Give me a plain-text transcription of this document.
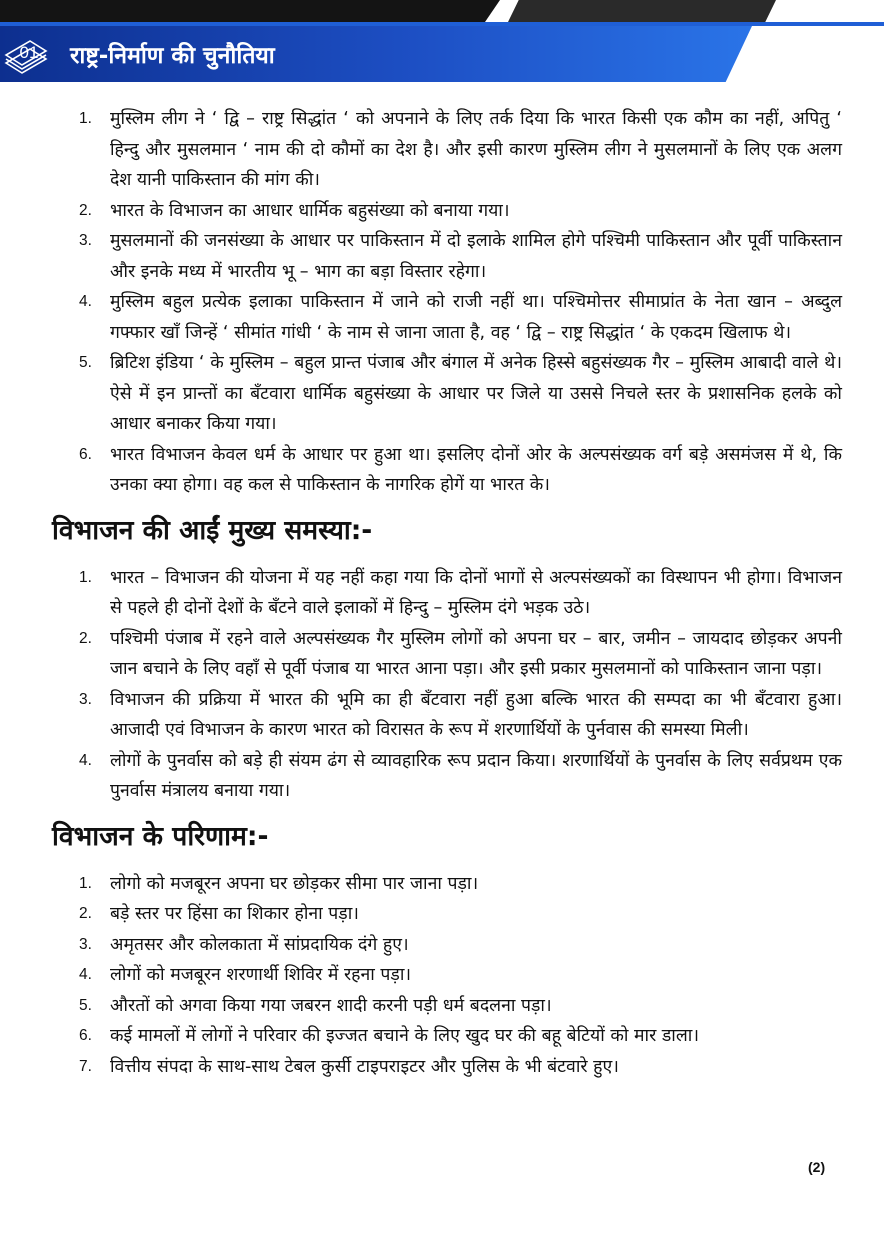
01	राष्ट्र-निर्माण की चुनौतिया
1. मुस्लिम लीग ने ‘ द्वि – राष्ट्र सिद्धांत ‘ को अपनाने के लिए तर्क दिया कि भारत किसी एक कौम का नहीं, अपितु ‘ हिन्दु और मुसलमान ‘ नाम की दो कौमों का देश है। और इसी कारण मुस्लिम लीग ने मुसलमानों के लिए एक अलग देश यानी पाकिस्तान की मांग की।
2. भारत के विभाजन का आधार धार्मिक बहुसंख्या को बनाया गया।
3. मुसलमानों की जनसंख्या के आधार पर पाकिस्तान में दो इलाके शामिल होगे पश्चिमी पाकिस्तान और पूर्वी पाकिस्तान और इनके मध्य में भारतीय भू – भाग का बड़ा विस्तार रहेगा।
4. मुस्लिम बहुल प्रत्येक इलाका पाकिस्तान में जाने को राजी नहीं था। पश्चिमोत्तर सीमाप्रांत के नेता खान – अब्दुल गफ्फार खाँ जिन्हें ‘ सीमांत गांधी ‘ के नाम से जाना जाता है, वह ‘ द्वि – राष्ट्र सिद्धांत ‘ के एकदम खिलाफ थे।
5. ब्रिटिश इंडिया ‘ के मुस्लिम – बहुल प्रान्त पंजाब और बंगाल में अनेक हिस्से बहुसंख्यक गैर – मुस्लिम आबादी वाले थे। ऐसे में इन प्रान्तों का बँटवारा धार्मिक बहुसंख्या के आधार पर जिले या उससे निचले स्तर के प्रशासनिक हलके को आधार बनाकर किया गया।
6. भारत विभाजन केवल धर्म के आधार पर हुआ था। इसलिए दोनों ओर के अल्पसंख्यक वर्ग बड़े असमंजस में थे, कि उनका क्या होगा। वह कल से पाकिस्तान के नागरिक होगें या भारत के।
विभाजन की आईं मुख्य समस्या:-
1. भारत – विभाजन की योजना में यह नहीं कहा गया कि दोनों भागों से अल्पसंख्यकों का विस्थापन भी होगा। विभाजन से पहले ही दोनों देशों के बँटने वाले इलाकों में हिन्दु – मुस्लिम दंगे भड़क उठे।
2. पश्चिमी पंजाब में रहने वाले अल्पसंख्यक गैर मुस्लिम लोगों को अपना घर – बार, जमीन – जायदाद छोड़कर अपनी जान बचाने के लिए वहाँ से पूर्वी पंजाब या भारत आना पड़ा। और इसी प्रकार मुसलमानों को पाकिस्तान जाना पड़ा।
3. विभाजन की प्रक्रिया में भारत की भूमि का ही बँटवारा नहीं हुआ बल्कि भारत की सम्पदा का भी बँटवारा हुआ। आजादी एवं विभाजन के कारण भारत को विरासत के रूप में शरणार्थियों के पुर्नवास की समस्या मिली।
4. लोगों के पुनर्वास को बड़े ही संयम ढंग से व्यावहारिक रूप प्रदान किया। शरणार्थियों के पुनर्वास के लिए सर्वप्रथम एक पुनर्वास मंत्रालय बनाया गया।
विभाजन के परिणाम:-
1. लोगो को मजबूरन अपना घर छोड़कर सीमा पार जाना पड़ा।
2. बड़े स्तर पर हिंसा का शिकार होना पड़ा।
3. अमृतसर और कोलकाता में सांप्रदायिक दंगे हुए।
4. लोगों को मजबूरन शरणार्थी शिविर में रहना पड़ा।
5. औरतों को अगवा किया गया जबरन शादी करनी पड़ी धर्म बदलना पड़ा।
6. कई मामलों में लोगों ने परिवार की इज्जत बचाने के लिए खुद घर की बहू बेटियों को मार डाला।
7. वित्तीय संपदा के साथ-साथ टेबल कुर्सी टाइपराइटर और पुलिस के भी बंटवारे हुए।
(2)
